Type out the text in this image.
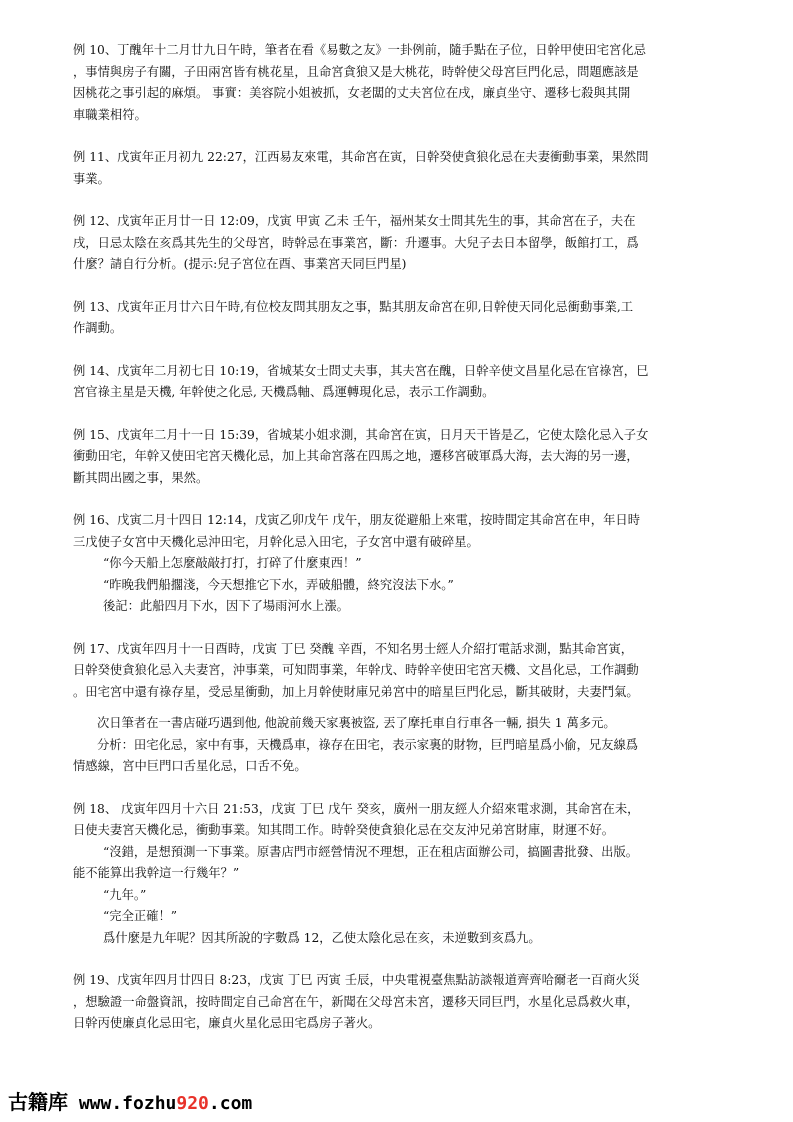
例 10、丁醜年十二月廿九日午時，筆者在看《易數之友》一卦例前，隨手點在子位，日幹甲使田宅宮化忌
，事情與房子有關，子田兩宮皆有桃花星，且命宮貪狼又是大桃花，時幹使父母宮巨門化忌，問題應該是
因桃花之事引起的麻煩。 事實：美容院小姐被抓，女老闆的丈夫宮位在戌，廉貞坐守、遷移七殺與其開
車職業相符。
例 11、戊寅年正月初九 22:27，江西易友來電，其命宮在寅，日幹癸使貪狼化忌在夫妻衝動事業，果然問
事業。
例 12、戊寅年正月廿一日 12:09，戊寅 甲寅 乙未 壬午，福州某女士問其先生的事，其命宮在子，夫在
戌，日忌太陰在亥爲其先生的父母宮，時幹忌在事業宮，斷：升遷事。大兒子去日本留學，飯館打工，爲
什麼？請自行分析。(提示:兒子宮位在酉、事業宮天同巨門星)
例 13、戊寅年正月廿六日午時,有位校友問其朋友之事，點其朋友命宮在卯,日幹使天同化忌衝動事業,工
作調動。
例 14、戊寅年二月初七日 10:19，省城某女士問丈夫事，其夫宮在醜，日幹辛使文昌星化忌在官祿宮，巳
宮官祿主星是天機, 年幹使之化忌, 天機爲軸、爲運轉現化忌，表示工作調動。
例 15、戊寅年二月十一日 15:39，省城某小姐求測，其命宮在寅，日月天干皆是乙，它使太陰化忌入子女
衝動田宅，年幹又使田宅宮天機化忌，加上其命宮落在四馬之地，遷移宮破軍爲大海，去大海的另一邊，
斷其問出國之事，果然。
例 16、戊寅二月十四日 12:14，戊寅乙卯戊午 戊午，朋友從避船上來電，按時間定其命宮在申，年日時
三戊使子女宮中天機化忌沖田宅，月幹化忌入田宅，子女宮中還有破碎星。
“你今天船上怎麼敲敲打打，打碎了什麼東西！”
“昨晚我們船擱淺，今天想推它下水，弄破船體，終究沒法下水。”
後記：此船四月下水，因下了場雨河水上漲。
例 17、戊寅年四月十一日酉時，戊寅 丁巳 癸醜 辛酉，不知名男士經人介紹打電話求測，點其命宮寅，
日幹癸使貪狼化忌入夫妻宮，沖事業，可知問事業，年幹戊、時幹辛使田宅宮天機、文昌化忌，工作調動
。田宅宮中還有祿存星，受忌星衝動，加上月幹使財庫兄弟宮中的暗星巨門化忌，斷其破財，夫妻鬥氣。
次日筆者在一書店碰巧遇到他, 他說前幾天家裏被盜, 丟了摩托車自行車各一輛, 損失 1 萬多元。
分析：田宅化忌，家中有事，天機爲車，祿存在田宅，表示家裏的財物，巨門暗星爲小偷，兄友線爲
情感線，宮中巨門口舌星化忌，口舌不免。
例 18、 戊寅年四月十六日 21:53，戊寅 丁巳 戊午 癸亥，廣州一朋友經人介紹來電求測，其命宮在未，
日使夫妻宮天機化忌，衝動事業。知其問工作。時幹癸使貪狼化忌在交友沖兄弟宮財庫，財運不好。
“沒錯，是想預測一下事業。原書店門市經營情況不理想，正在租店面辦公司，搞圖書批發、出版。
能不能算出我幹這一行幾年？”
“九年。”
“完全正確！”
爲什麼是九年呢？因其所說的字數爲 12，乙使太陰化忌在亥，未逆數到亥爲九。
例 19、戊寅年四月廿四日 8:23，戊寅 丁巳 丙寅 壬辰，中央電視臺焦點訪談報道齊齊哈爾老一百商火災
，想驗證一命盤資訊，按時間定自己命宮在午，新聞在父母宮未宮，遷移天同巨門，水星化忌爲救火車，
日幹丙使廉貞化忌田宅，廉貞火星化忌田宅爲房子著火。
古籍库 www.fozhu920.com
